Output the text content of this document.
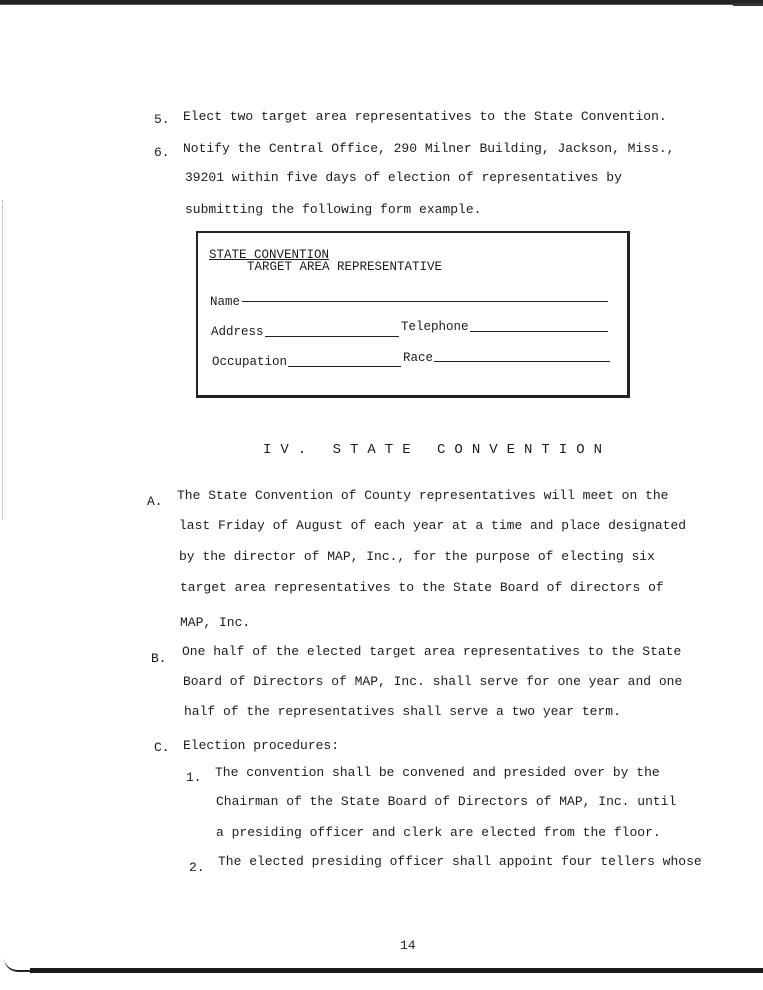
5. Elect two target area representatives to the State Convention.
6. Notify the Central Office, 290 Milner Building, Jackson, Miss.,
39201 within five days of election of representatives by
submitting the following form example.
STATE CONVENTION
TARGET AREA REPRESENTATIVE
Name
Address	Telephone
Occupation	Race
IV. STATE CONVENTION
A. The State Convention of County representatives will meet on the
last Friday of August of each year at a time and place designated
by the director of MAP, Inc., for the purpose of electing six
target area representatives to the State Board of directors of
MAP, Inc.
B. One half of the elected target area representatives to the State
Board of Directors of MAP, Inc. shall serve for one year and one
half of the representatives shall serve a two year term.
C. Election procedures:
1. The convention shall be convened and presided over by the
Chairman of the State Board of Directors of MAP, Inc. until
a presiding officer and clerk are elected from the floor.
2. The elected presiding officer shall appoint four tellers whose
14
